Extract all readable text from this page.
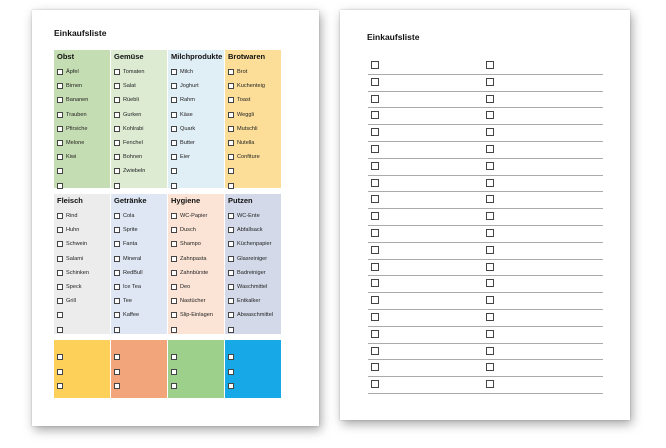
Einkaufsliste
Obst
Äpfel
Birnen
Bananen
Trauben
Pfirsiche
Melone
Kiwi
Gemüse
Tomaten
Salat
Rüebli
Gurken
Kohlrabi
Fenchel
Bohnen
Zwiebeln
Milchprodukte
Milch
Joghurt
Rahm
Käse
Quark
Butter
Eier
Brotwaren
Brot
Kuchenteig
Toast
Weggli
Mutschli
Nutella
Confiture
Fleisch
Rind
Huhn
Schwein
Salami
Schinken
Speck
Grill
Getränke
Cola
Sprite
Fanta
Mineral
RedBull
Ice Tea
Tee
Kaffee
Hygiene
WC-Papier
Dusch
Shampo
Zahnpasta
Zahnbürste
Deo
Nastücher
Slip-Einlagen
Putzen
WC-Ente
Abfallsack
Küchenpapier
Glasreiniger
Badreiniger
Waschmittel
Entkalker
Abwaschmittel
Einkaufsliste
